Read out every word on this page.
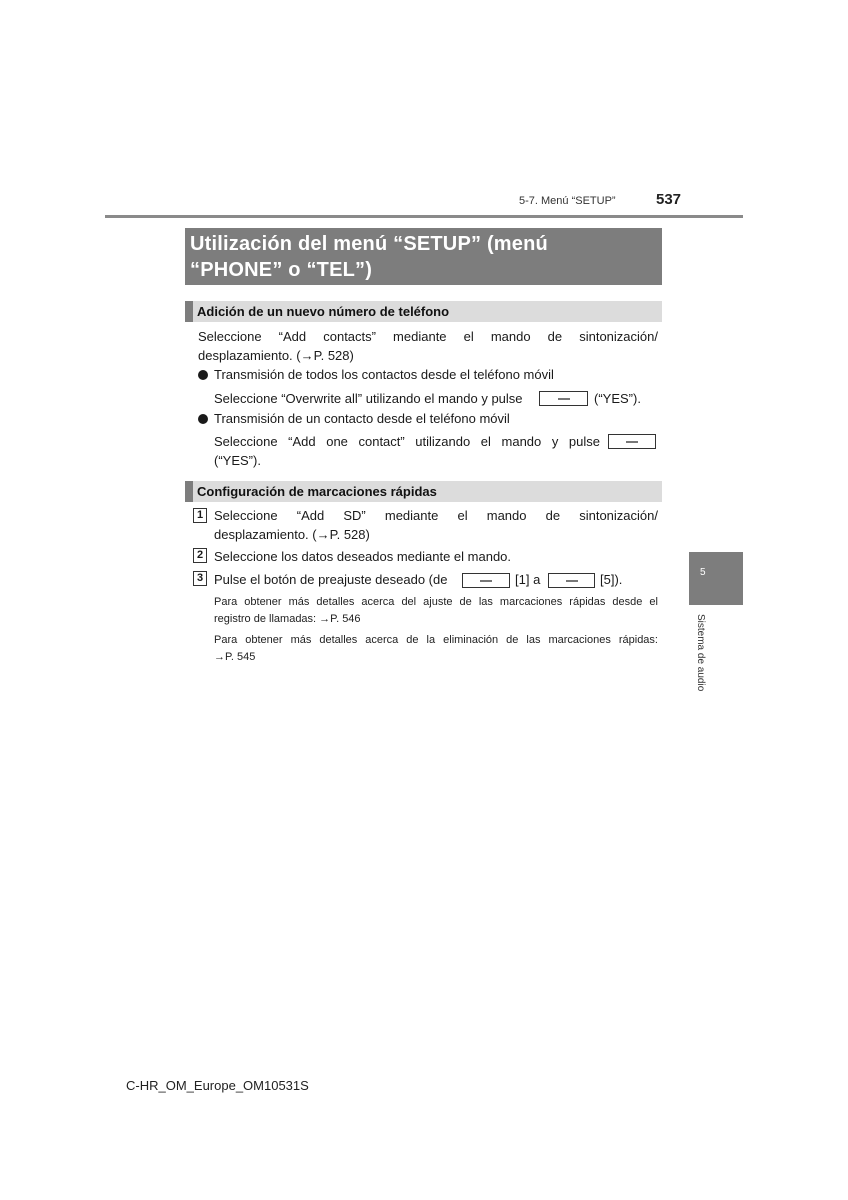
5-7. Menú “SETUP”	537
Utilización del menú “SETUP” (menú
“PHONE” o “TEL”)
Adición de un nuevo número de teléfono
Seleccione “Add contacts” mediante el mando de sintonización/
desplazamiento. (→P. 528)
Transmisión de todos los contactos desde el teléfono móvil
Seleccione “Overwrite all” utilizando el mando y pulse	(“YES”).
Transmisión de un contacto desde el teléfono móvil
Seleccione “Add one contact” utilizando el mando y pulse
(“YES”).
Configuración de marcaciones rápidas
1 Seleccione “Add SD” mediante el mando de sintonización/
desplazamiento. (→P. 528)
2 Seleccione los datos deseados mediante el mando.
3 Pulse el botón de preajuste deseado (de	[1] a	[5]).
Para obtener más detalles acerca del ajuste de las marcaciones rápidas desde el
registro de llamadas: →P. 546
Para obtener más detalles acerca de la eliminación de las marcaciones rápidas:
→P. 545
5
Sistema de audio
C-HR_OM_Europe_OM10531S
